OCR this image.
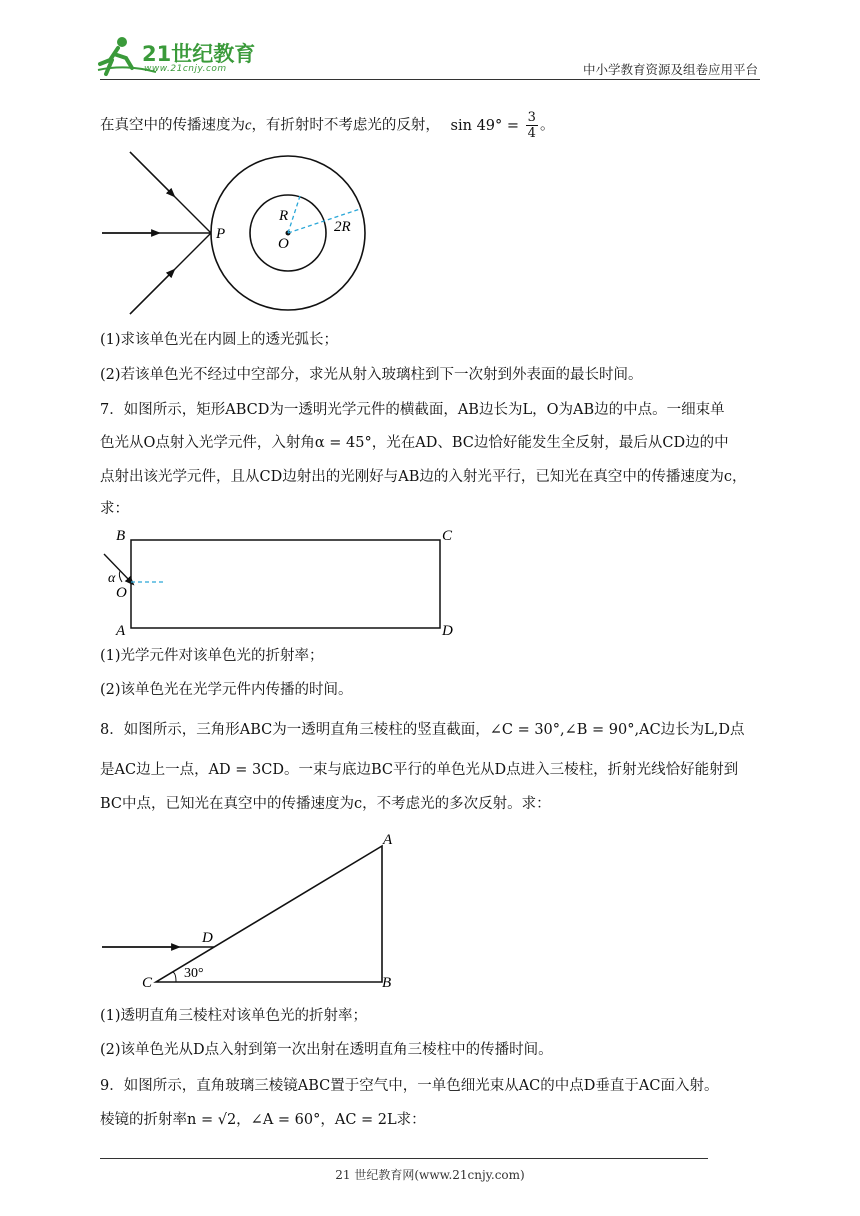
21世纪教育
www.21cnjy.com	中小学教育资源及组卷应用平台
在真空中的传播速度为c，有折射时不考虑光的反射， $\sin 49^\circ = \frac{3}{4}$ 。
P
O
R
2R
(1)求该单色光在内圆上的透光弧长；
(2)若该单色光不经过中空部分，求光从射入玻璃柱到下一次射到外表面的最长时间。
7．如图所示，矩形ABCD为一透明光学元件的横截面，AB边长为L，O为AB边的中点。一细束单
色光从O点射入光学元件，入射角α = 45°，光在AD、BC边恰好能发生全反射，最后从CD边的中
点射出该光学元件，且从CD边射出的光刚好与AB边的入射光平行，已知光在真空中的传播速度为c，
求：
B	C
A	D
O
α
(1)光学元件对该单色光的折射率；
(2)该单色光在光学元件内传播的时间。
8．如图所示，三角形ABC为一透明直角三棱柱的竖直截面，∠C = 30°,∠B = 90°,AC边长为L,D点
是AC边上一点，AD = 3CD。一束与底边BC平行的单色光从D点进入三棱柱，折射光线恰好能射到
BC中点，已知光在真空中的传播速度为c，不考虑光的多次反射。求：
A
B
C
D
30°
(1)透明直角三棱柱对该单色光的折射率；
(2)该单色光从D点入射到第一次出射在透明直角三棱柱中的传播时间。
9．如图所示，直角玻璃三棱镜ABC置于空气中，一单色细光束从AC的中点D垂直于AC面入射。
棱镜的折射率n = √2，∠A = 60°，AC = 2L求：
21 世纪教育网(www.21cnjy.com)
